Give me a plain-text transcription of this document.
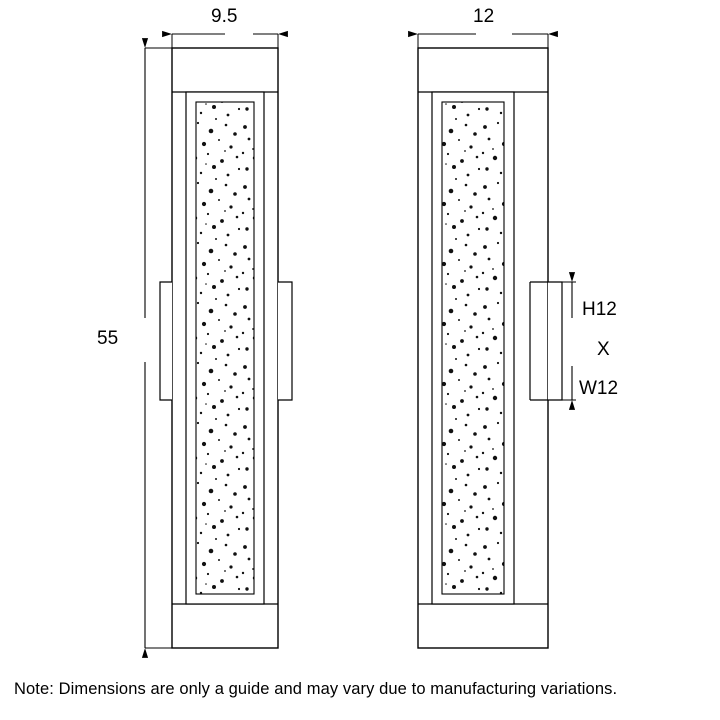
9.5	12
55
H12
X
W12
Note: Dimensions are only a guide and may vary due to manufacturing variations.
